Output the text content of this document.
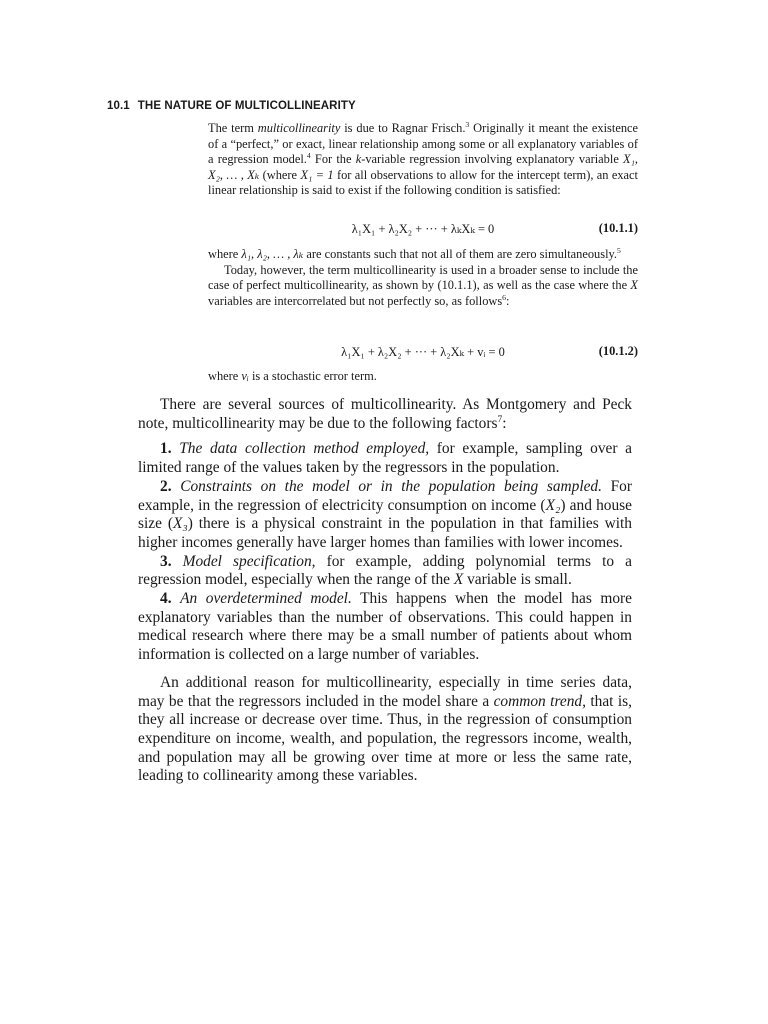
10.1 THE NATURE OF MULTICOLLINEARITY

The term multicollinearity is due to Ragnar Frisch.$^3$ Originally it meant the existence of a “perfect,” or exact, linear relationship among some or all explanatory variables of a regression model.$^4$ For the k-variable regression involving explanatory variable X₁, X₂, … , Xₖ (where X₁ = 1 for all observations to allow for the intercept term), an exact linear relationship is said to exist if the following condition is satisfied:

λ₁X₁ + λ₂X₂ + ··· + λₖXₖ = 0	(10.1.1)

where λ₁, λ₂, … , λₖ are constants such that not all of them are zero simultaneously.$^5$

Today, however, the term multicollinearity is used in a broader sense to include the case of perfect multicollinearity, as shown by (10.1.1), as well as the case where the X variables are intercorrelated but not perfectly so, as follows$^6$:

λ₁X₁ + λ₂X₂ + ··· + λ₂Xₖ + vᵢ = 0	(10.1.2)

where vᵢ is a stochastic error term.

There are several sources of multicollinearity. As Montgomery and Peck note, multicollinearity may be due to the following factors$^7$:

1. The data collection method employed, for example, sampling over a limited range of the values taken by the regressors in the population.

2. Constraints on the model or in the population being sampled. For example, in the regression of electricity consumption on income (X₂) and house size (X₃) there is a physical constraint in the population in that families with higher incomes generally have larger homes than families with lower incomes.

3. Model specification, for example, adding polynomial terms to a regression model, especially when the range of the X variable is small.

4. An overdetermined model. This happens when the model has more explanatory variables than the number of observations. This could happen in medical research where there may be a small number of patients about whom information is collected on a large number of variables.

An additional reason for multicollinearity, especially in time series data, may be that the regressors included in the model share a common trend, that is, they all increase or decrease over time. Thus, in the regression of consumption expenditure on income, wealth, and population, the regressors income, wealth, and population may all be growing over time at more or less the same rate, leading to collinearity among these variables.
